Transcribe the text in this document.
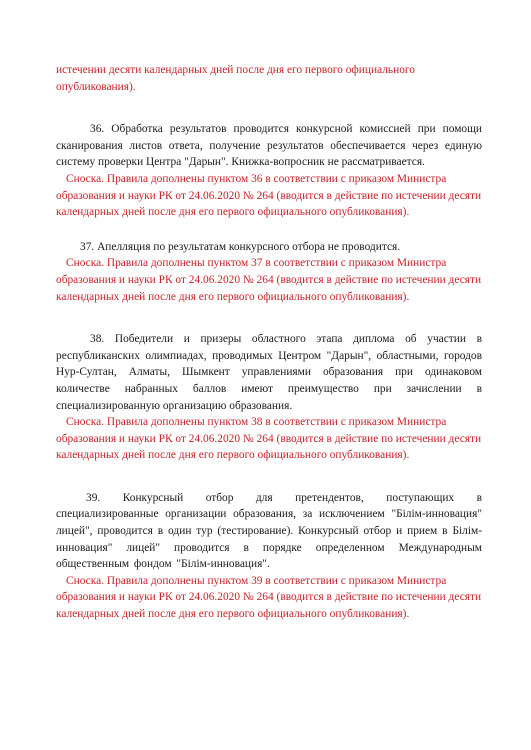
истечении десяти календарных дней после дня его первого официального опубликования).

36. Обработка результатов проводится конкурсной комиссией при помощи сканирования листов ответа, получение результатов обеспечивается через единую систему проверки Центра "Дарын". Книжка-вопросник не рассматривается.

Сноска. Правила дополнены пунктом 36 в соответствии с приказом Министра образования и науки РК от 24.06.2020 № 264 (вводится в действие по истечении десяти календарных дней после дня его первого официального опубликования).

37. Апелляция по результатам конкурсного отбора не проводится.

Сноска. Правила дополнены пунктом 37 в соответствии с приказом Министра образования и науки РК от 24.06.2020 № 264 (вводится в действие по истечении десяти календарных дней после дня его первого официального опубликования).

38. Победители и призеры областного этапа диплома об участии в республиканских олимпиадах, проводимых Центром "Дарын", областными, городов Нур-Султан, Алматы, Шымкент управлениями образования при одинаковом количестве набранных баллов имеют преимущество при зачислении в специализированную организацию образования.

Сноска. Правила дополнены пунктом 38 в соответствии с приказом Министра образования и науки РК от 24.06.2020 № 264 (вводится в действие по истечении десяти календарных дней после дня его первого официального опубликования).

39. Конкурсный отбор для претендентов, поступающих в специализированные организации образования, за исключением "Білім-инновация" лицей", проводится в один тур (тестирование). Конкурсный отбор и прием в Білім-инновация" лицей" проводится в порядке определенном Международным общественным фондом "Білім-инновация".

Сноска. Правила дополнены пунктом 39 в соответствии с приказом Министра образования и науки РК от 24.06.2020 № 264 (вводится в действие по истечении десяти календарных дней после дня его первого официального опубликования).
